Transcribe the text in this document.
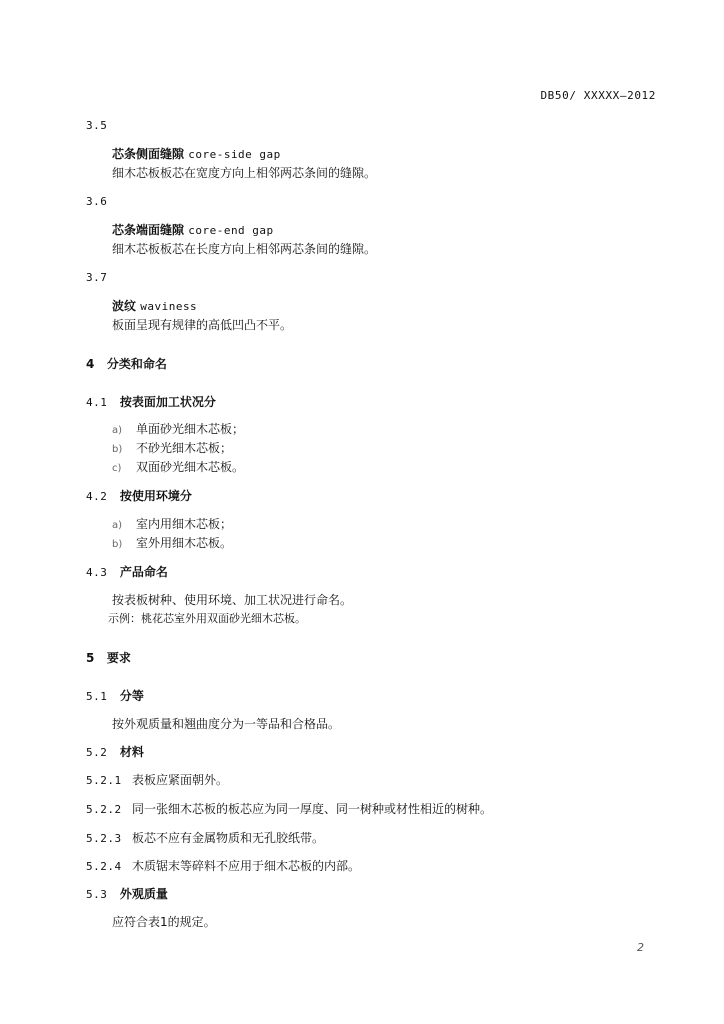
DB50/ XXXXX—2012
3.5
芯条侧面缝隙 core-side gap
细木芯板板芯在宽度方向上相邻两芯条间的缝隙。
3.6
芯条端面缝隙 core-end gap
细木芯板板芯在长度方向上相邻两芯条间的缝隙。
3.7
波纹 waviness
板面呈现有规律的高低凹凸不平。
4 分类和命名
4.1 按表面加工状况分
a) 单面砂光细木芯板；
b) 不砂光细木芯板；
c) 双面砂光细木芯板。
4.2 按使用环境分
a) 室内用细木芯板；
b) 室外用细木芯板。
4.3 产品命名
按表板树种、使用环境、加工状况进行命名。
示例：桃花芯室外用双面砂光细木芯板。
5 要求
5.1 分等
按外观质量和翘曲度分为一等品和合格品。
5.2 材料
5.2.1 表板应紧面朝外。
5.2.2 同一张细木芯板的板芯应为同一厚度、同一树种或材性相近的树种。
5.2.3 板芯不应有金属物质和无孔胶纸带。
5.2.4 木质锯末等碎料不应用于细木芯板的内部。
5.3 外观质量
应符合表1的规定。
2
